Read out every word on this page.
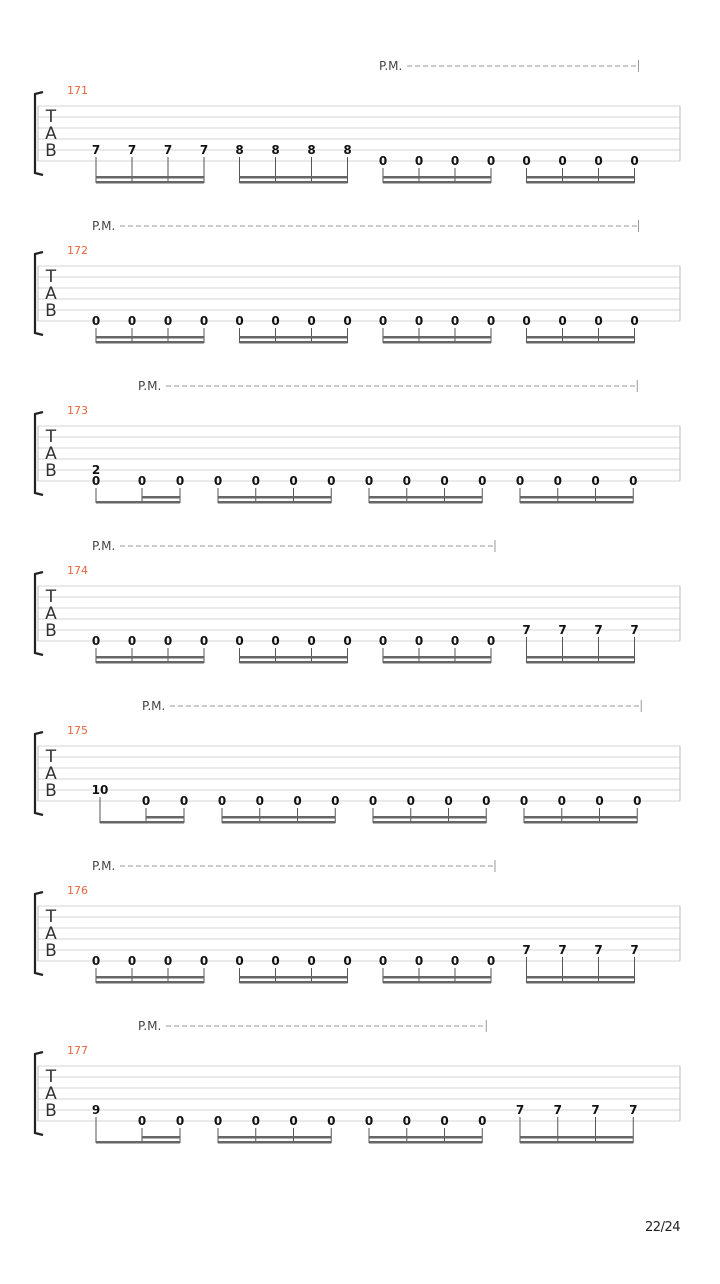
T
A
B
171
P.M.
7 7 7 7 8 8 8 8
0 0 0 0 0 0 0 0
T
A
B
172
P.M.
0 0 0 0 0 0 0 0 0 0 0 0 0 0 0 0
T
A
B
173
P.M.
0
2
0 0 0 0 0 0 0 0 0 0 0 0 0 0
T
A
B
174
P.M.
0 0 0 0 0 0 0 0 0 0 0 0
7 7 7 7
T
A
B
175
P.M.
10
0 0 0 0 0 0 0 0 0 0 0 0 0 0
T
A
B
176
P.M.
0 0 0 0 0 0 0 0 0 0 0 0
7 7 7 7
T
A
B
177
P.M.
9
0 0 0 0 0 0 0 0 0 0
7 7 7 7
22/24
